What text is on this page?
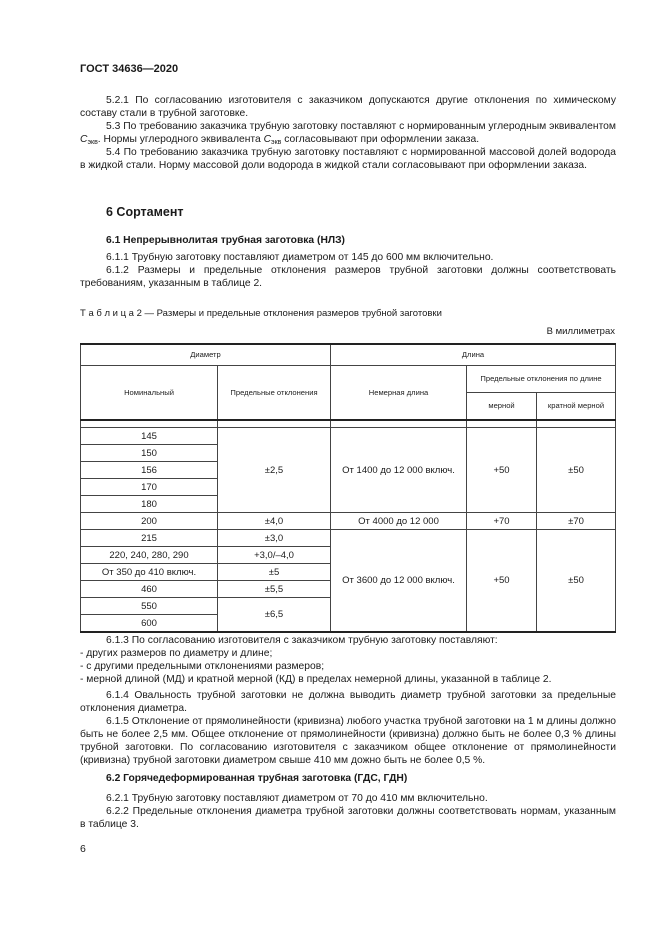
ГОСТ 34636—2020

5.2.1 По согласованию изготовителя с заказчиком допускаются другие отклонения по химическому составу стали в трубной заготовке.

5.3 По требованию заказчика трубную заготовку поставляют с нормированным углеродным эквивалентом $C_{экв}$. Нормы углеродного эквивалента $C_{экв}$ согласовывают при оформлении заказа.

5.4 По требованию заказчика трубную заготовку поставляют с нормированной массовой долей водорода в жидкой стали. Норму массовой доли водорода в жидкой стали согласовывают при оформлении заказа.

6 Сортамент
6.1 Непрерывнолитая трубная заготовка (НЛЗ)

6.1.1 Трубную заготовку поставляют диаметром от 145 до 600 мм включительно.

6.1.2 Размеры и предельные отклонения размеров трубной заготовки должны соответствовать требованиям, указанным в таблице 2.

Т а б л и ц а 2 — Размеры и предельные отклонения размеров трубной заготовки
В миллиметрах
Диаметр		Длина		
Номинальный	Предельные отклонения	Немерная длина	Предельные отклонения по длине	
			мерной	кратной мерной

145	±2,5	От 1400 до 12 000 включ.	+50	±50
150				
156				
170				
180				
200	±4,0	От 4000 до 12 000	+70	±70
215	±3,0	От 3600 до 12 000 включ.	+50	±50
220, 240, 280, 290	+3,0/–4,0			
От 350 до 410 включ.	±5			
460	±5,5			
550	±6,5			
600				

6.1.3 По согласованию изготовителя с заказчиком трубную заготовку поставляют:

- других размеров по диаметру и длине;
- с другими предельными отклонениями размеров;
- мерной длиной (МД) и кратной мерной (КД) в пределах немерной длины, указанной в таблице 2.

6.1.4 Овальность трубной заготовки не должна выводить диаметр трубной заготовки за предельные отклонения диаметра.

6.1.5 Отклонение от прямолинейности (кривизна) любого участка трубной заготовки на 1 м длины должно быть не более 2,5 мм. Общее отклонение от прямолинейности (кривизна) должно быть не более 0,3 % длины трубной заготовки. По согласованию изготовителя с заказчиком общее отклонение от прямолинейности (кривизна) трубной заготовки диаметром свыше 410 мм дожно быть не более 0,5 %.

6.2 Горячедеформированная трубная заготовка (ГДС, ГДН)

6.2.1 Трубную заготовку поставляют диаметром от 70 до 410 мм включительно.

6.2.2 Предельные отклонения диаметра трубной заготовки должны соответствовать нормам, указанным в таблице 3.

6
